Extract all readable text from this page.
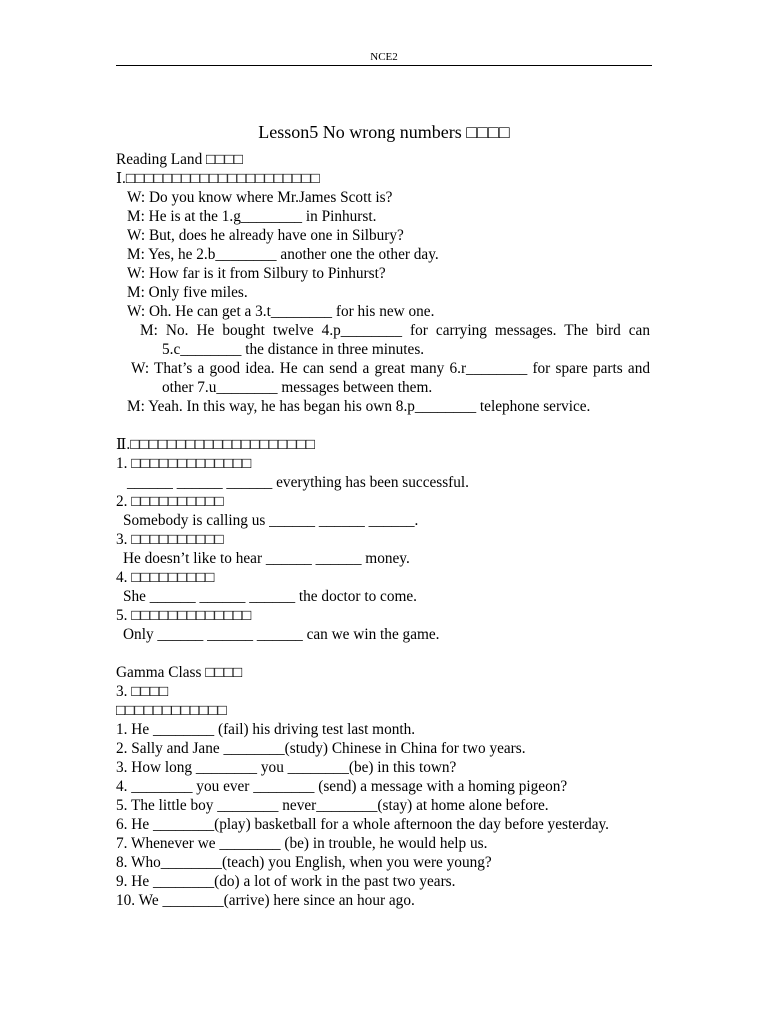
NCE2
Lesson5 No wrong numbers □□□□
Reading Land □□□□
Ⅰ.□□□□□□□□□□□□□□□□□□□□□
W: Do you know where Mr.James Scott is?
M: He is at the 1.g________ in Pinhurst.
W: But, does he already have one in Silbury?
M: Yes, he 2.b________ another one the other day.
W: How far is it from Silbury to Pinhurst?
M: Only five miles.
W: Oh. He can get a 3.t________ for his new one.
M: No. He bought twelve 4.p________ for carrying messages. The bird can
5.c________ the distance in three minutes.
W: That’s a good idea. He can send a great many 6.r________ for spare parts and
other 7.u________ messages between them.
M: Yeah. In this way, he has began his own 8.p________ telephone service.
Ⅱ.□□□□□□□□□□□□□□□□□□□□
1. □□□□□□□□□□□□□
______ ______ ______ everything has been successful.
2. □□□□□□□□□□
Somebody is calling us ______ ______ ______.
3. □□□□□□□□□□
He doesn’t like to hear ______ ______ money.
4. □□□□□□□□□
She ______ ______ ______ the doctor to come.
5. □□□□□□□□□□□□□
Only ______ ______ ______ can we win the game.
Gamma Class □□□□
3. □□□□
□□□□□□□□□□□□
1. He ________ (fail) his driving test last month.
2. Sally and Jane ________(study) Chinese in China for two years.
3. How long ________ you ________(be) in this town?
4. ________ you ever ________ (send) a message with a homing pigeon?
5. The little boy ________ never________(stay) at home alone before.
6. He ________(play) basketball for a whole afternoon the day before yesterday.
7. Whenever we ________ (be) in trouble, he would help us.
8. Who________(teach) you English, when you were young?
9. He ________(do) a lot of work in the past two years.
10. We ________(arrive) here since an hour ago.
